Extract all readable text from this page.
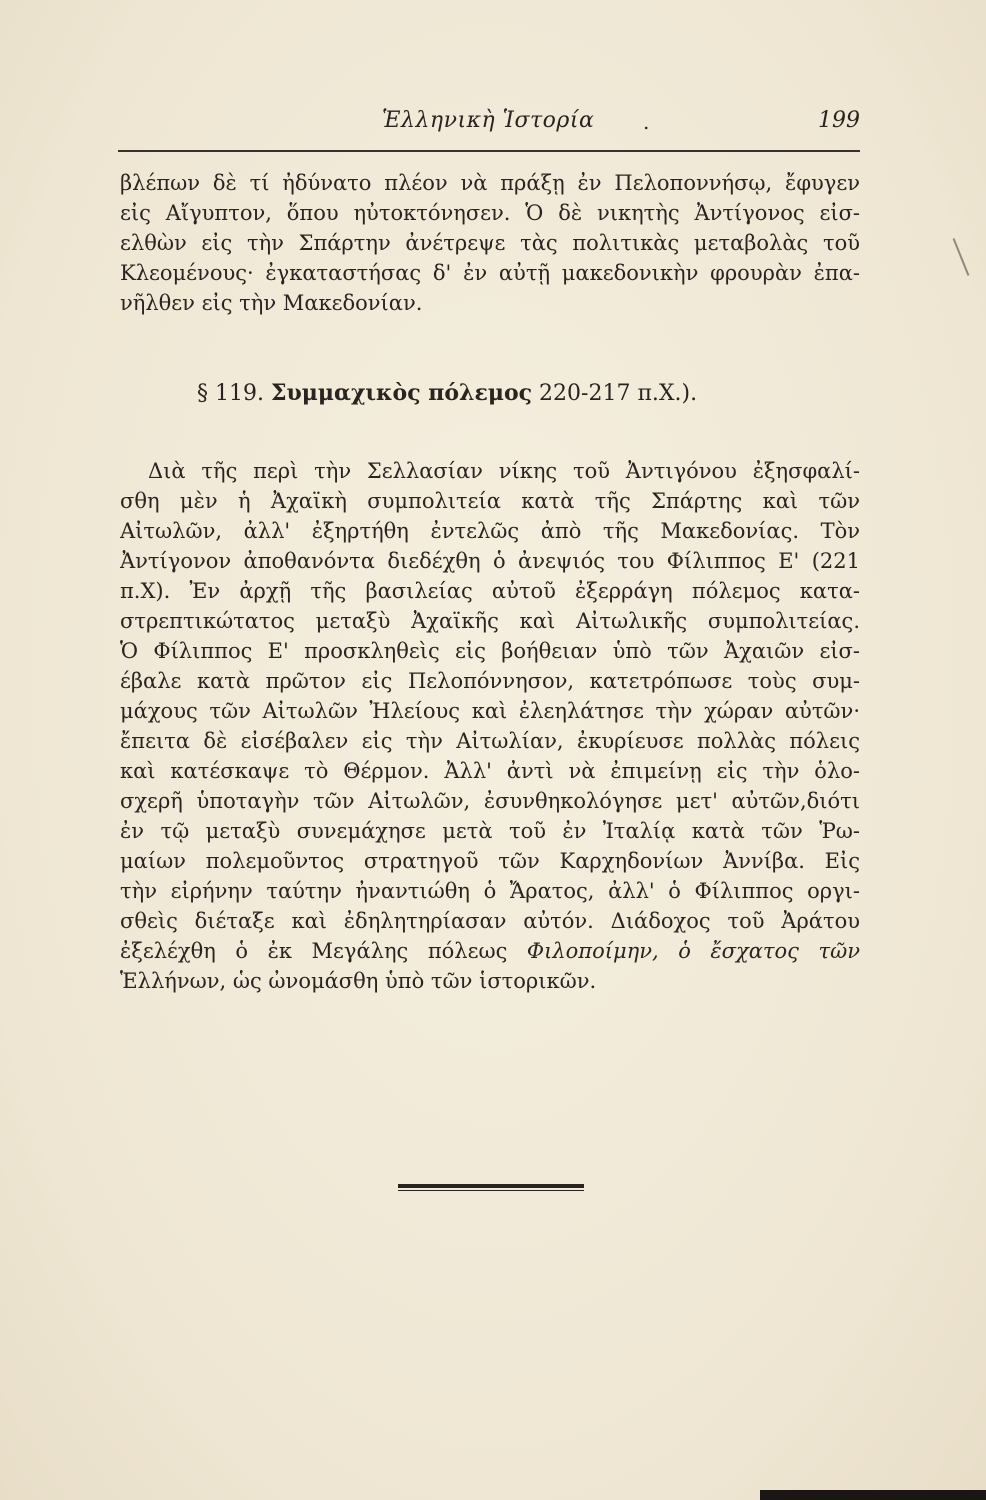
Ἑλληνικὴ Ἱστορία .	199
βλέπων δὲ τί ἠδύνατο πλέον νὰ πράξῃ ἐν Πελοποννήσῳ, ἔφυγεν
εἰς Αἴγυπτον, ὅπου ηὐτοκτόνησεν. Ὁ δὲ νικητὴς Ἀντίγονος εἰσ-
ελθὼν εἰς τὴν Σπάρτην ἀνέτρεψε τὰς πολιτικὰς μεταβολὰς τοῦ
Κλεομένους· ἐγκαταστήσας δ' ἐν αὐτῇ μακεδονικὴν φρουρὰν ἐπα-
νῆλθεν εἰς τὴν Μακεδονίαν.
§ 119. Συμμαχικὸς πόλεμος 220-217 π.Χ.).
Διὰ τῆς περὶ τὴν Σελλασίαν νίκης τοῦ Ἀντιγόνου ἐξησφαλί-
σθη μὲν ἡ Ἀχαϊκὴ συμπολιτεία κατὰ τῆς Σπάρτης καὶ τῶν
Αἰτωλῶν, ἀλλ' ἐξηρτήθη ἐντελῶς ἀπὸ τῆς Μακεδονίας. Τὸν
Ἀντίγονον ἀποθανόντα διεδέχθη ὁ ἀνεψιός του Φίλιππος Ε' (221
π.Χ). Ἐν ἀρχῇ τῆς βασιλείας αὐτοῦ ἐξερράγη πόλεμος κατα-
στρεπτικώτατος μεταξὺ Ἀχαϊκῆς καὶ Αἰτωλικῆς συμπολιτείας.
Ὁ Φίλιππος Ε' προσκληθεὶς εἰς βοήθειαν ὑπὸ τῶν Ἀχαιῶν εἰσ-
έβαλε κατὰ πρῶτον εἰς Πελοπόννησον, κατετρόπωσε τοὺς συμ-
μάχους τῶν Αἰτωλῶν Ἠλείους καὶ ἐλεηλάτησε τὴν χώραν αὐτῶν·
ἔπειτα δὲ εἰσέβαλεν εἰς τὴν Αἰτωλίαν, ἐκυρίευσε πολλὰς πόλεις
καὶ κατέσκαψε τὸ Θέρμον. Ἀλλ' ἀντὶ νὰ ἐπιμείνῃ εἰς τὴν ὁλο-
σχερῆ ὑποταγὴν τῶν Αἰτωλῶν, ἐσυνθηκολόγησε μετ' αὐτῶν,διότι
ἐν τῷ μεταξὺ συνεμάχησε μετὰ τοῦ ἐν Ἰταλίᾳ κατὰ τῶν Ῥω-
μαίων πολεμοῦντος στρατηγοῦ τῶν Καρχηδονίων Ἀννίβα. Εἰς
τὴν εἰρήνην ταύτην ἠναντιώθη ὁ Ἄρατος, ἀλλ' ὁ Φίλιππος οργι-
σθεὶς διέταξε καὶ ἐδηλητηρίασαν αὐτόν. Διάδοχος τοῦ Ἀράτου
ἐξελέχθη ὁ ἐκ Μεγάλης πόλεως Φιλοποίμην, ὁ ἔσχατος τῶν
Ἑλλήνων, ὡς ὠνομάσθη ὑπὸ τῶν ἱστορικῶν.
